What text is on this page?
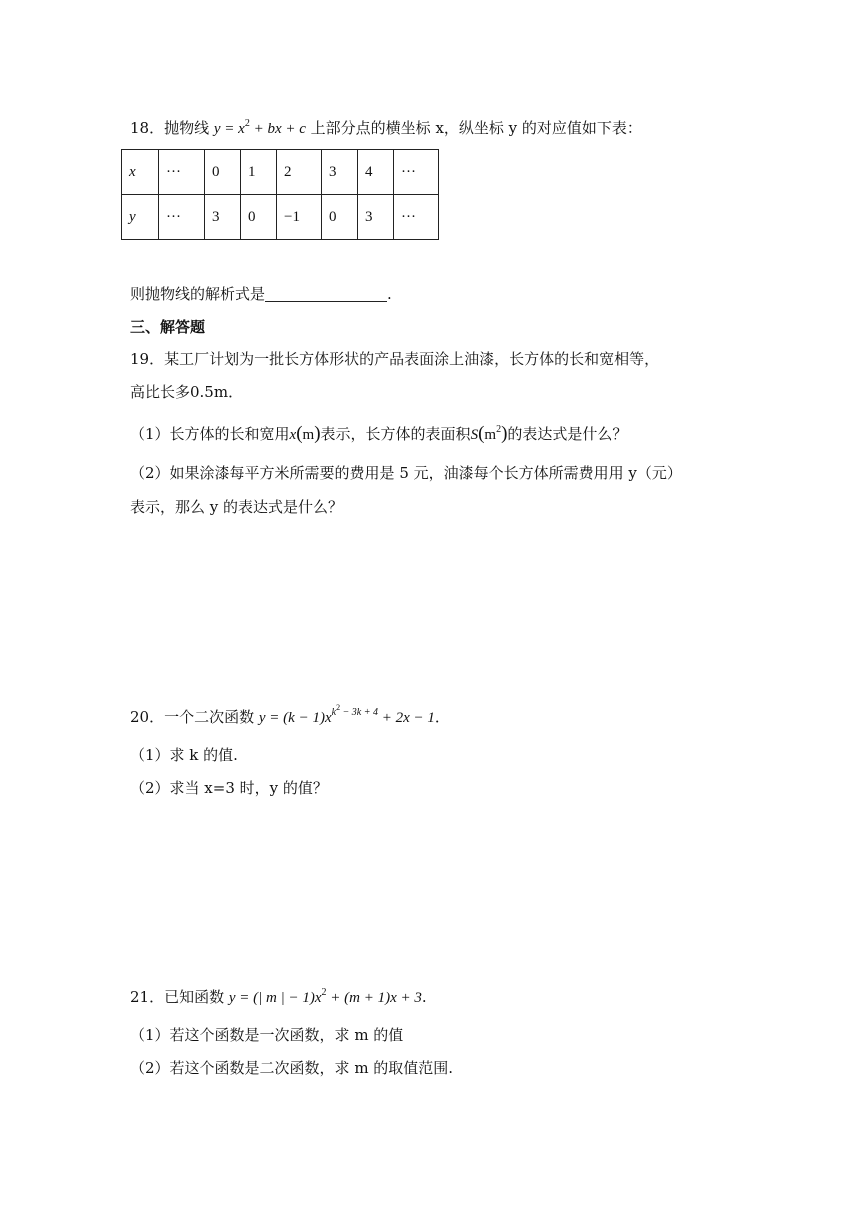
18．抛物线 $y = x^2$ + bx + c 上部分点的横坐标 x，纵坐标 y 的对应值如下表：
x	···	0	1	2	3	4	···
y	···	3	0	−1	0	3	···
则抛物线的解析式是	.
三、解答题
19．某工厂计划为一批长方体形状的产品表面涂上油漆，长方体的长和宽相等，
高比长多0.5m．
（1）长方体的长和宽用x(m)表示，长方体的表面积$S(m^2)$的表达式是什么？
（2）如果涂漆每平方米所需要的费用是 5 元，油漆每个长方体所需费用用 y（元）
表示，那么 y 的表达式是什么？
20．一个二次函数 $y = (k - 1)x^{k^2 - 3k + 4} + 2x - 1$．
（1）求 k 的值.
（2）求当 x=3 时，y 的值？
21．已知函数 y = (| m | − $1)x^2 + (m + 1)x + 3$.
（1）若这个函数是一次函数，求 m 的值
（2）若这个函数是二次函数，求 m 的取值范围.
